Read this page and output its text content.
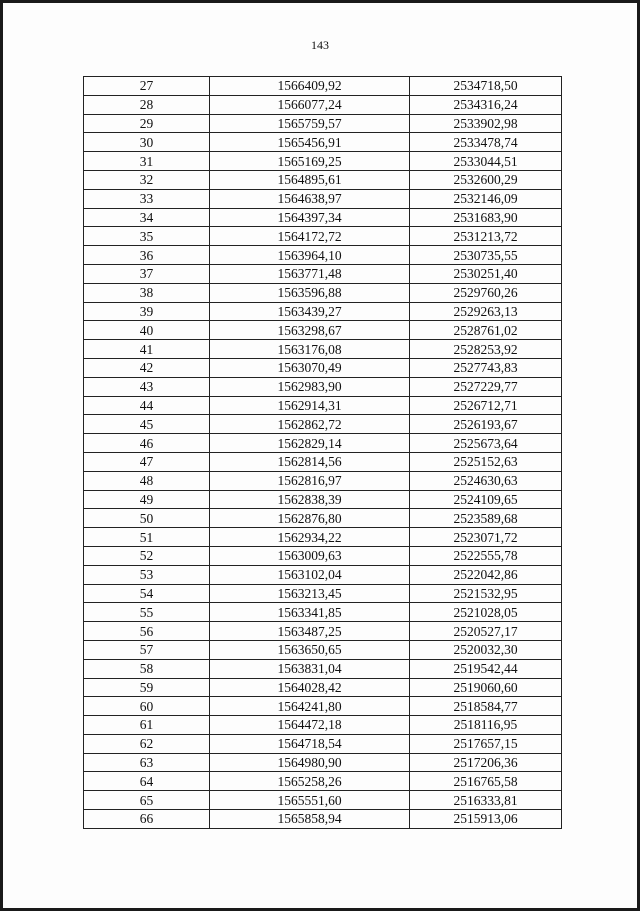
143
27	1566409,92	2534718,50
28	1566077,24	2534316,24
29	1565759,57	2533902,98
30	1565456,91	2533478,74
31	1565169,25	2533044,51
32	1564895,61	2532600,29
33	1564638,97	2532146,09
34	1564397,34	2531683,90
35	1564172,72	2531213,72
36	1563964,10	2530735,55
37	1563771,48	2530251,40
38	1563596,88	2529760,26
39	1563439,27	2529263,13
40	1563298,67	2528761,02
41	1563176,08	2528253,92
42	1563070,49	2527743,83
43	1562983,90	2527229,77
44	1562914,31	2526712,71
45	1562862,72	2526193,67
46	1562829,14	2525673,64
47	1562814,56	2525152,63
48	1562816,97	2524630,63
49	1562838,39	2524109,65
50	1562876,80	2523589,68
51	1562934,22	2523071,72
52	1563009,63	2522555,78
53	1563102,04	2522042,86
54	1563213,45	2521532,95
55	1563341,85	2521028,05
56	1563487,25	2520527,17
57	1563650,65	2520032,30
58	1563831,04	2519542,44
59	1564028,42	2519060,60
60	1564241,80	2518584,77
61	1564472,18	2518116,95
62	1564718,54	2517657,15
63	1564980,90	2517206,36
64	1565258,26	2516765,58
65	1565551,60	2516333,81
66	1565858,94	2515913,06
